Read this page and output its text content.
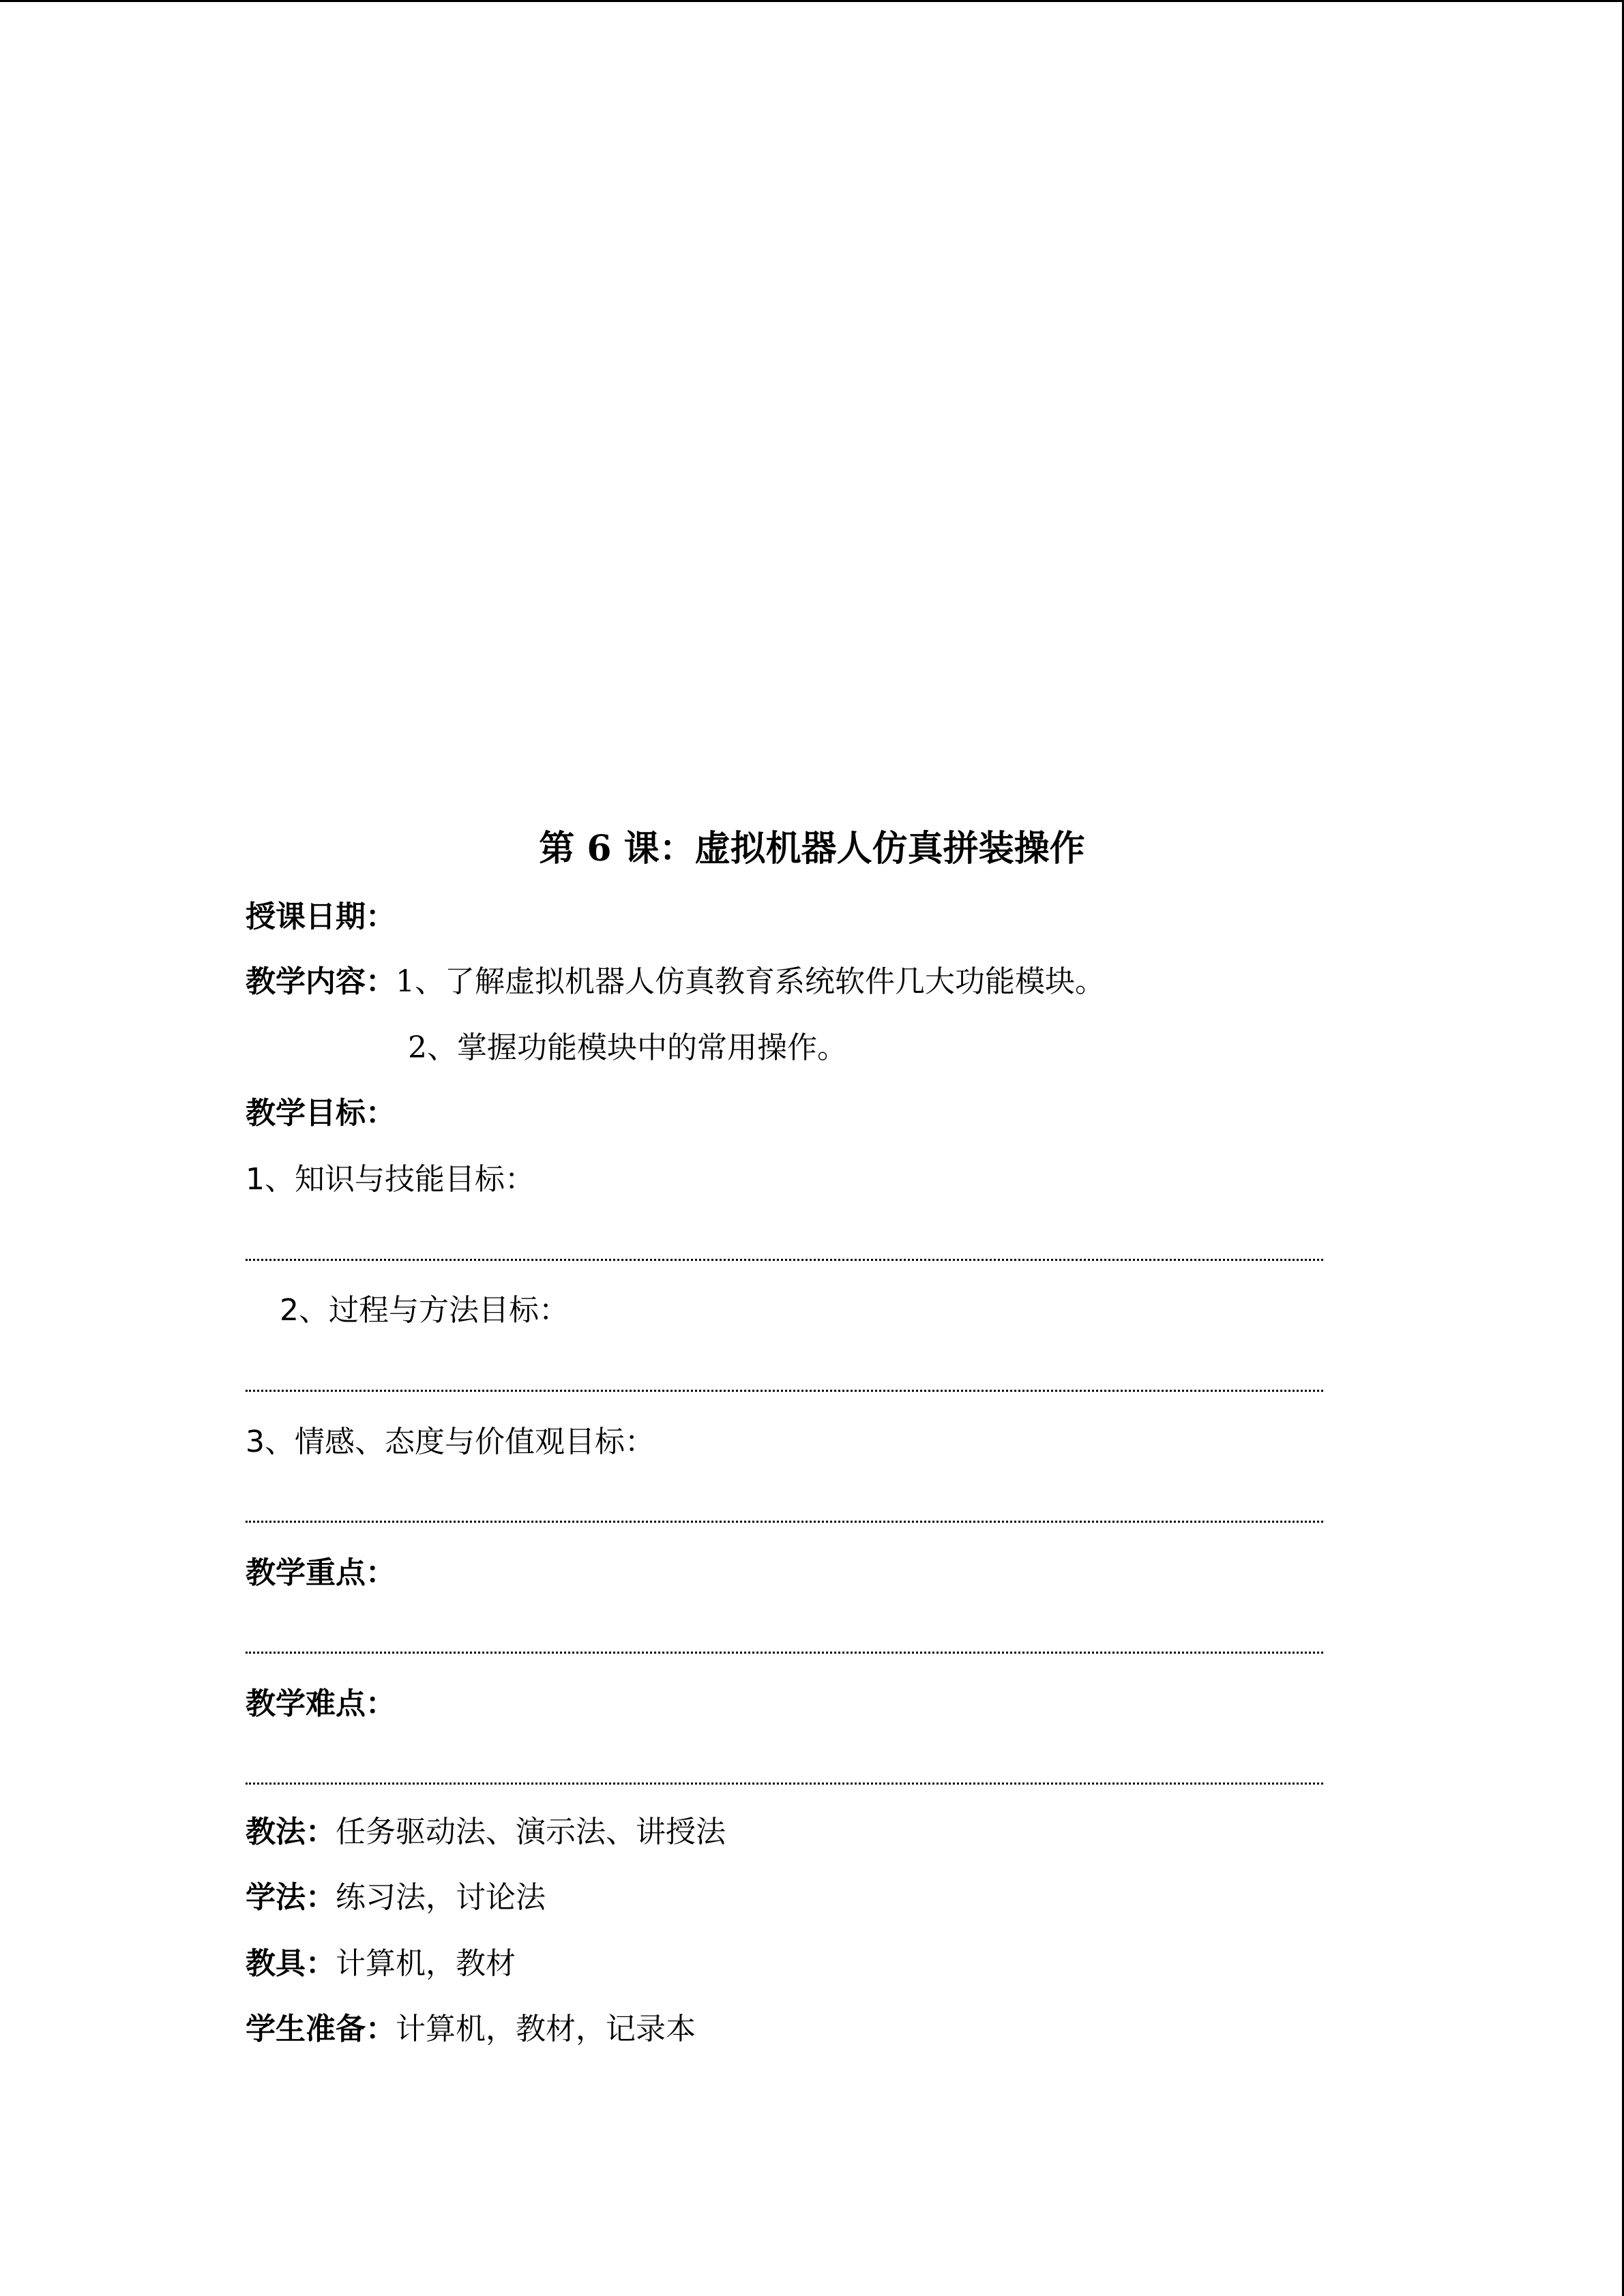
第 6 课：虚拟机器人仿真拼装操作
授课日期：
教学内容：1、了解虚拟机器人仿真教育系统软件几大功能模块。
2、掌握功能模块中的常用操作。
教学目标：
1、知识与技能目标：
2、过程与方法目标：
3、情感、态度与价值观目标：
教学重点：
教学难点：
教法：任务驱动法、演示法、讲授法
学法：练习法，讨论法
教具：计算机，教材
学生准备：计算机，教材，记录本
